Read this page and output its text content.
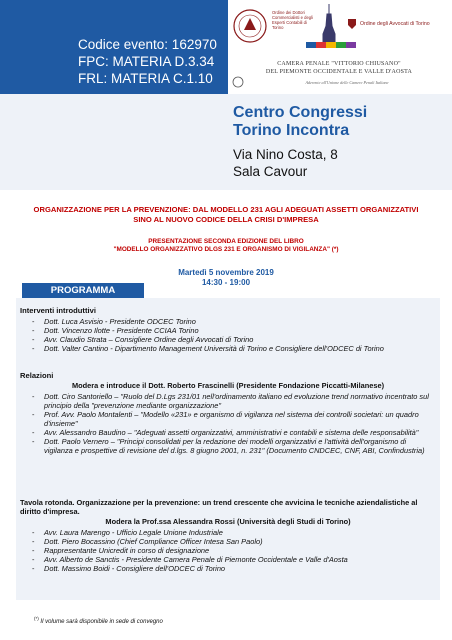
Codice evento: 162970
FPC: MATERIA D.3.34
FRL: MATERIA C.1.10
Ordine dei Dottori Commercialisti e degli Esperti Contabili di Torino
Ordine degli Avvocati di Torino
CAMERA PENALE "VITTORIO CHIUSANO"
DEL PIEMONTE OCCIDENTALE E VALLE D'AOSTA
Aderente all'Unione delle Camere Penali Italiane
Centro Congressi
Torino Incontra
Via Nino Costa, 8
Sala Cavour
ORGANIZZAZIONE PER LA PREVENZIONE: DAL MODELLO 231 AGLI ADEGUATI ASSETTI ORGANIZZATIVI
SINO AL NUOVO CODICE DELLA CRISI D'IMPRESA
PRESENTAZIONE SECONDA EDIZIONE DEL LIBRO
"MODELLO ORGANIZZATIVO DLGS 231 E ORGANISMO DI VIGILANZA" (*)
Martedì 5 novembre 2019
14:30 - 19:00
PROGRAMMA
Interventi introduttivi
- Dott. Luca Asvisio - Presidente ODCEC Torino
- Dott. Vincenzo Ilotte - Presidente CCIAA Torino
- Avv. Claudio Strata – Consigliere Ordine degli Avvocati di Torino
- Dott. Valter Cantino - Dipartimento Management Università di Torino e Consigliere dell'ODCEC di Torino
Relazioni
Modera e introduce il Dott. Roberto Frascinelli (Presidente Fondazione Piccatti-Milanese)
- Dott. Ciro Santoriello – "Ruolo del D.Lgs 231/01 nell'ordinamento italiano ed evoluzione trend normativo incentrato sul principio della "prevenzione mediante organizzazione"
- Prof. Avv. Paolo Montalenti – "Modello «231» e organismo di vigilanza nel sistema dei controlli societari: un quadro d'insieme"
- Avv. Alessandro Baudino – "Adeguati assetti organizzativi, amministrativi e contabili e sistema delle responsabilità"
- Dott. Paolo Vernero – "Principi consolidati per la redazione dei modelli organizzativi e l'attività dell'organismo di vigilanza e prospettive di revisione del d.lgs. 8 giugno 2001, n. 231" (Documento CNDCEC, CNF, ABI, Confindustria)
Tavola rotonda. Organizzazione per la prevenzione: un trend crescente che avvicina le tecniche aziendalistiche al diritto d'impresa.
Modera la Prof.ssa Alessandra Rossi (Università degli Studi di Torino)
- Avv. Laura Marengo - Ufficio Legale Unione Industriale
- Dott. Piero Bocassino (Chief Compliance Officer Intesa San Paolo)
- Rappresentante Unicredit in corso di designazione
- Avv. Alberto de Sanctis - Presidente Camera Penale di Piemonte Occidentale e Valle d'Aosta
- Dott. Massimo Boidi - Consigliere dell'ODCEC di Torino
(*) Il volume sarà disponibile in sede di convegno
